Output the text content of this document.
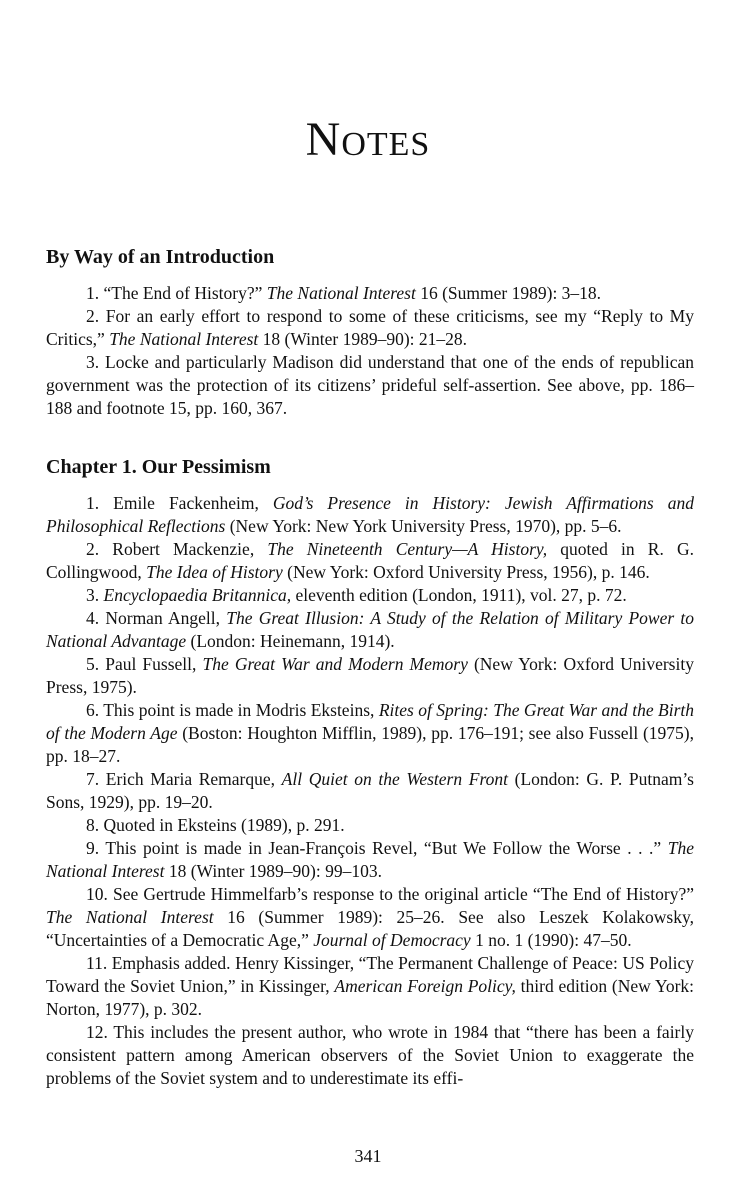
Notes
By Way of an Introduction

1. “The End of History?” The National Interest 16 (Summer 1989): 3–18.

2. For an early effort to respond to some of these criticisms, see my “Reply to My Critics,” The National Interest 18 (Winter 1989–90): 21–28.

3. Locke and particularly Madison did understand that one of the ends of republican government was the protection of its citizens’ prideful self-assertion. See above, pp. 186–188 and footnote 15, pp. 160, 367.

Chapter 1. Our Pessimism

1. Emile Fackenheim, God’s Presence in History: Jewish Affirmations and Philosophical Reflections (New York: New York University Press, 1970), pp. 5–6.

2. Robert Mackenzie, The Nineteenth Century—A History, quoted in R. G. Collingwood, The Idea of History (New York: Oxford University Press, 1956), p. 146.

3. Encyclopaedia Britannica, eleventh edition (London, 1911), vol. 27, p. 72.

4. Norman Angell, The Great Illusion: A Study of the Relation of Military Power to National Advantage (London: Heinemann, 1914).

5. Paul Fussell, The Great War and Modern Memory (New York: Oxford University Press, 1975).

6. This point is made in Modris Eksteins, Rites of Spring: The Great War and the Birth of the Modern Age (Boston: Houghton Mifflin, 1989), pp. 176–191; see also Fussell (1975), pp. 18–27.

7. Erich Maria Remarque, All Quiet on the Western Front (London: G. P. Putnam’s Sons, 1929), pp. 19–20.

8. Quoted in Eksteins (1989), p. 291.

9. This point is made in Jean-François Revel, “But We Follow the Worse . . .” The National Interest 18 (Winter 1989–90): 99–103.

10. See Gertrude Himmelfarb’s response to the original article “The End of History?” The National Interest 16 (Summer 1989): 25–26. See also Leszek Kolakowsky, “Uncertainties of a Democratic Age,” Journal of Democracy 1 no. 1 (1990): 47–50.

11. Emphasis added. Henry Kissinger, “The Permanent Challenge of Peace: US Policy Toward the Soviet Union,” in Kissinger, American Foreign Policy, third edition (New York: Norton, 1977), p. 302.

12. This includes the present author, who wrote in 1984 that “there has been a fairly consistent pattern among American observers of the Soviet Union to exaggerate the problems of the Soviet system and to underestimate its effi-

341
